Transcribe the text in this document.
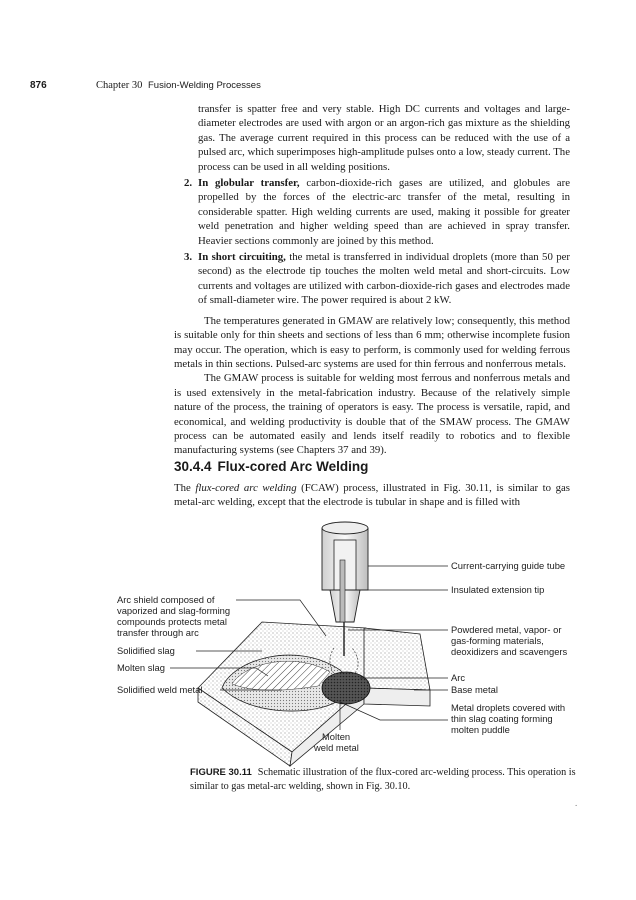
876	Chapter 30 Fusion-Welding Processes

transfer is spatter free and very stable. High DC currents and voltages and large-diameter electrodes are used with argon or an argon-rich gas mixture as the shielding gas. The average current required in this process can be reduced with the use of a pulsed arc, which superimposes high-amplitude pulses onto a low, steady current. The process can be used in all welding positions.

2. In globular transfer, carbon-dioxide-rich gases are utilized, and globules are propelled by the forces of the electric-arc transfer of the metal, resulting in considerable spatter. High welding currents are used, making it possible for greater weld penetration and higher welding speed than are achieved in spray transfer. Heavier sections commonly are joined by this method.
3. In short circuiting, the metal is transferred in individual droplets (more than 50 per second) as the electrode tip touches the molten weld metal and short-circuits. Low currents and voltages are utilized with carbon-dioxide-rich gases and electrodes made of small-diameter wire. The power required is about 2 kW.

The temperatures generated in GMAW are relatively low; consequently, this method is suitable only for thin sheets and sections of less than 6 mm; otherwise incomplete fusion may occur. The operation, which is easy to perform, is commonly used for welding ferrous metals in thin sections. Pulsed-arc systems are used for thin ferrous and nonferrous metals.

The GMAW process is suitable for welding most ferrous and nonferrous metals and is used extensively in the metal-fabrication industry. Because of the relatively simple nature of the process, the training of operators is easy. The process is versatile, rapid, and economical, and welding productivity is double that of the SMAW process. The GMAW process can be automated easily and lends itself readily to robotics and to flexible manufacturing systems (see Chapters 37 and 39).

30.4.4 Flux-cored Arc Welding

The flux-cored arc welding (FCAW) process, illustrated in Fig. 30.11, is similar to gas metal-arc welding, except that the electrode is tubular in shape and is filled with

Current-carrying guide tube
Insulated extension tip
Arc shield composed of
vaporized and slag-forming
compounds protects metal
transfer through arc	Powdered metal, vapor- or
gas-forming materials,
deoxidizers and scavengers
Solidified slag
Molten slag
Arc
Base metal
Solidified weld metal
Metal droplets covered with
thin slag coating forming
molten puddle
Molten
weld metal
FIGURE 30.11 Schematic illustration of the flux-cored arc-welding process. This operation is similar to gas metal-arc welding, shown in Fig. 30.10.
.
